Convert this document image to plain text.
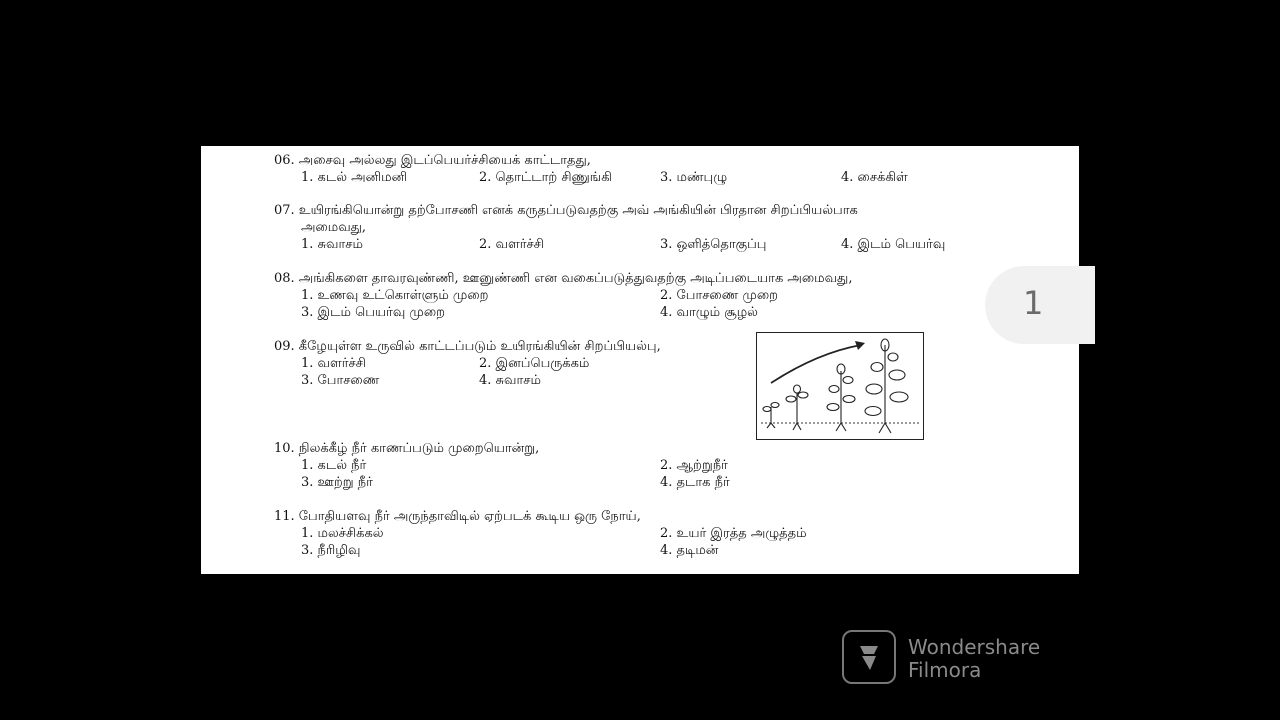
06. அசைவு அல்லது இடப்பெயர்ச்சியைக் காட்டாதது,
1. கடல் அனிமனி	2. தொட்டாற் சிணுங்கி	3. மண்புழு	4. சைக்கிள்
07. உயிரங்கியொன்று தற்போசணி எனக் கருதப்படுவதற்கு அவ் அங்கியின் பிரதான சிறப்பியல்பாக
அமைவது,
1. சுவாசம்	2. வளர்ச்சி	3. ஒளித்தொகுப்பு	4. இடம் பெயர்வு
08. அங்கிகளை தாவரவுண்ணி, ஊனுண்ணி என வகைப்படுத்துவதற்கு அடிப்படையாக அமைவது,
1. உணவு உட்கொள்ளும் முறை	2. போசணை முறை
3. இடம் பெயர்வு முறை	4. வாழும் சூழல்
09. கீழேயுள்ள உருவில் காட்டப்படும் உயிரங்கியின் சிறப்பியல்பு,
1. வளர்ச்சி	2. இனப்பெருக்கம்
3. போசணை	4. சுவாசம்
10. நிலக்கீழ் நீர் காணப்படும் முறையொன்று,
1. கடல் நீர்	2. ஆற்றுநீர்
3. ஊற்று நீர்	4. தடாக நீர்
11. போதியளவு நீர் அருந்தாவிடில் ஏற்படக் கூடிய ஒரு நோய்,
1. மலச்சிக்கல்	2. உயர் இரத்த அழுத்தம்
3. நீரிழிவு	4. தடிமன்
1
Wondershare
Filmora
